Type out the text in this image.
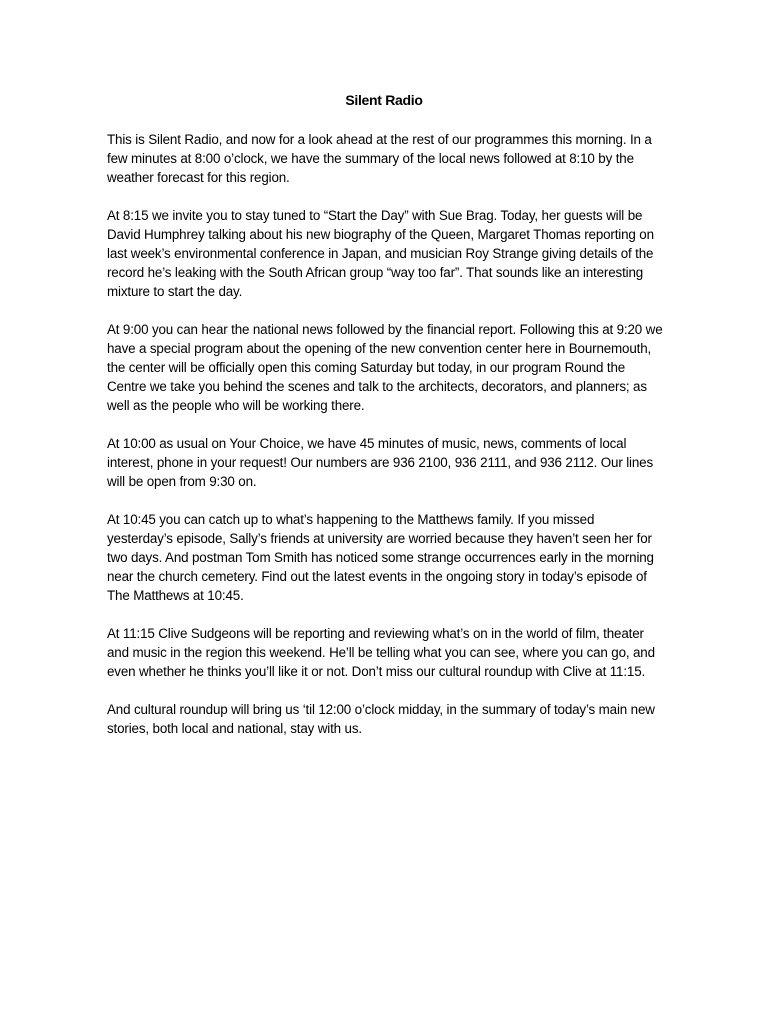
Silent Radio

This is Silent Radio, and now for a look ahead at the rest of our programmes this morning. In a few minutes at 8:00 o’clock, we have the summary of the local news followed at 8:10 by the weather forecast for this region.

At 8:15 we invite you to stay tuned to “Start the Day” with Sue Brag. Today, her guests will be David Humphrey talking about his new biography of the Queen, Margaret Thomas reporting on last week’s environmental conference in Japan, and musician Roy Strange giving details of the record he’s leaking with the South African group “way too far”. That sounds like an interesting mixture to start the day.

At 9:00 you can hear the national news followed by the financial report. Following this at 9:20 we have a special program about the opening of the new convention center here in Bournemouth, the center will be officially open this coming Saturday but today, in our program Round the Centre we take you behind the scenes and talk to the architects, decorators, and planners; as well as the people who will be working there.

At 10:00 as usual on Your Choice, we have 45 minutes of music, news, comments of local interest, phone in your request! Our numbers are 936 2100, 936 2111, and 936 2112. Our lines will be open from 9:30 on.

At 10:45 you can catch up to what’s happening to the Matthews family. If you missed yesterday’s episode, Sally’s friends at university are worried because they haven’t seen her for two days. And postman Tom Smith has noticed some strange occurrences early in the morning near the church cemetery. Find out the latest events in the ongoing story in today’s episode of The Matthews at 10:45.

At 11:15 Clive Sudgeons will be reporting and reviewing what’s on in the world of film, theater and music in the region this weekend. He’ll be telling what you can see, where you can go, and even whether he thinks you’ll like it or not. Don’t miss our cultural roundup with Clive at 11:15.

And cultural roundup will bring us ‘til 12:00 o’clock midday, in the summary of today’s main new stories, both local and national, stay with us.
